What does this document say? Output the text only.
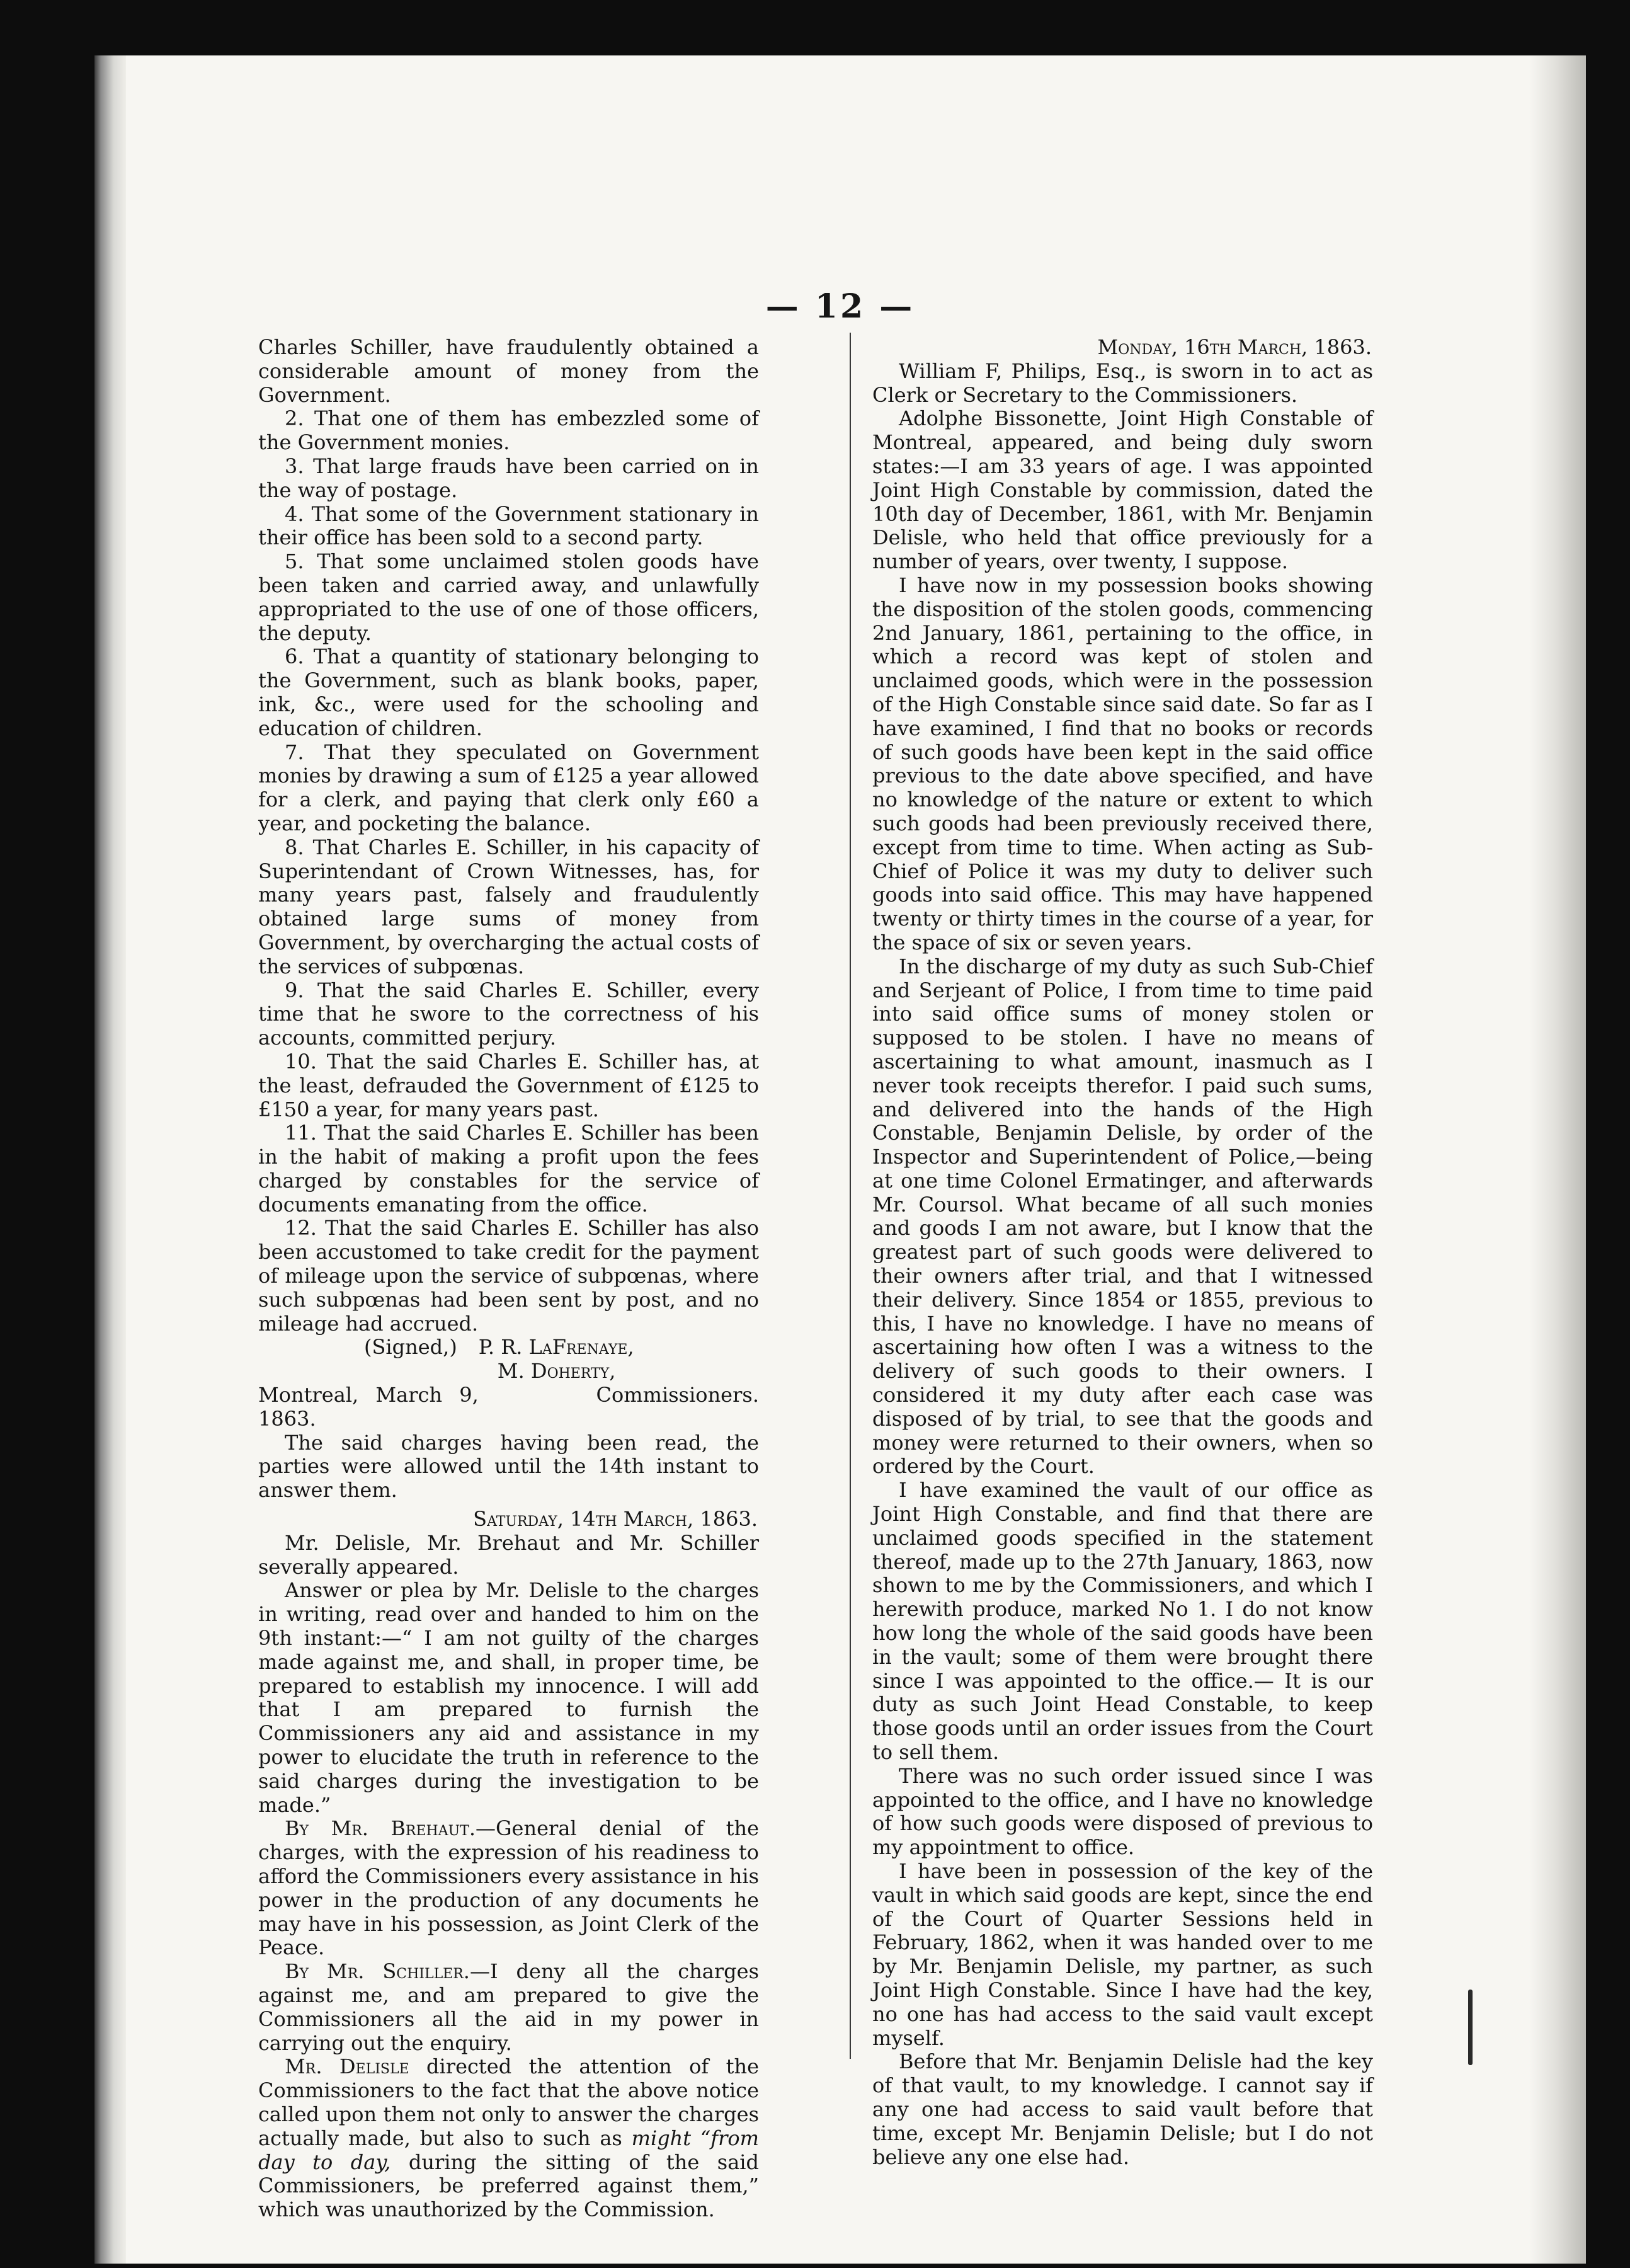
— 12 —

Charles Schiller, have fraudulently obtained a considerable amount of money from the Government.

2. That one of them has embezzled some of the Government monies.

3. That large frauds have been carried on in the way of postage.

4. That some of the Government stationary in their office has been sold to a second party.

5. That some unclaimed stolen goods have been taken and carried away, and unlawfully appropriated to the use of one of those officers, the deputy.

6. That a quantity of stationary belonging to the Government, such as blank books, paper, ink, &c., were used for the schooling and education of children.

7. That they speculated on Government monies by drawing a sum of £125 a year allowed for a clerk, and paying that clerk only £60 a year, and pocketing the balance.

8. That Charles E. Schiller, in his capacity of Superintendant of Crown Witnesses, has, for many years past, falsely and fraudulently obtained large sums of money from Government, by overcharging the actual costs of the services of subpœnas.

9. That the said Charles E. Schiller, every time that he swore to the correctness of his accounts, committed perjury.

10. That the said Charles E. Schiller has, at the least, defrauded the Government of £125 to £150 a year, for many years past.

11. That the said Charles E. Schiller has been in the habit of making a profit upon the fees charged by constables for the service of documents emanating from the office.

12. That the said Charles E. Schiller has also been accustomed to take credit for the payment of mileage upon the service of subpœnas, where such subpœnas had been sent by post, and no mileage had accrued.

(Signed,)	P. R. LaFrenaye,
	M. Doherty,
Montreal, March 9, 1863.	Commissioners.

The said charges having been read, the parties were allowed until the 14th instant to answer them.

Saturday, 14th March, 1863.

Mr. Delisle, Mr. Brehaut and Mr. Schiller severally appeared.

Answer or plea by Mr. Delisle to the charges in writing, read over and handed to him on the 9th instant:—“ I am not guilty of the charges made against me, and shall, in proper time, be prepared to establish my innocence. I will add that I am prepared to furnish the Commissioners any aid and assistance in my power to elucidate the truth in reference to the said charges during the investigation to be made.”

By Mr. Brehaut.—General denial of the charges, with the expression of his readiness to afford the Commissioners every assistance in his power in the production of any documents he may have in his possession, as Joint Clerk of the Peace.

By Mr. Schiller.—I deny all the charges against me, and am prepared to give the Commissioners all the aid in my power in carrying out the enquiry.

Mr. Delisle directed the attention of the Commissioners to the fact that the above notice called upon them not only to answer the charges actually made, but also to such as might “from day to day, during the sitting of the said Commissioners, be preferred against them,” which was unauthorized by the Commission.

Monday, 16th March, 1863.

William F, Philips, Esq., is sworn in to act as Clerk or Secretary to the Commissioners.

Adolphe Bissonette, Joint High Constable of Montreal, appeared, and being duly sworn states:—I am 33 years of age. I was appointed Joint High Constable by commission, dated the 10th day of December, 1861, with Mr. Benjamin Delisle, who held that office previously for a number of years, over twenty, I suppose.

I have now in my possession books showing the disposition of the stolen goods, commencing 2nd January, 1861, pertaining to the office, in which a record was kept of stolen and unclaimed goods, which were in the possession of the High Constable since said date. So far as I have examined, I find that no books or records of such goods have been kept in the said office previous to the date above specified, and have no knowledge of the nature or extent to which such goods had been previously received there, except from time to time. When acting as Sub-Chief of Police it was my duty to deliver such goods into said office. This may have happened twenty or thirty times in the course of a year, for the space of six or seven years.

In the discharge of my duty as such Sub-Chief and Serjeant of Police, I from time to time paid into said office sums of money stolen or supposed to be stolen. I have no means of ascertaining to what amount, inasmuch as I never took receipts therefor. I paid such sums, and delivered into the hands of the High Constable, Benjamin Delisle, by order of the Inspector and Superintendent of Police,—being at one time Colonel Ermatinger, and afterwards Mr. Coursol. What became of all such monies and goods I am not aware, but I know that the greatest part of such goods were delivered to their owners after trial, and that I witnessed their delivery. Since 1854 or 1855, previous to this, I have no knowledge. I have no means of ascertaining how often I was a witness to the delivery of such goods to their owners. I considered it my duty after each case was disposed of by trial, to see that the goods and money were returned to their owners, when so ordered by the Court.

I have examined the vault of our office as Joint High Constable, and find that there are unclaimed goods specified in the statement thereof, made up to the 27th January, 1863, now shown to me by the Commissioners, and which I herewith produce, marked No 1. I do not know how long the whole of the said goods have been in the vault; some of them were brought there since I was appointed to the office.— It is our duty as such Joint Head Constable, to keep those goods until an order issues from the Court to sell them.

There was no such order issued since I was appointed to the office, and I have no knowledge of how such goods were disposed of previous to my appointment to office.

I have been in possession of the key of the vault in which said goods are kept, since the end of the Court of Quarter Sessions held in February, 1862, when it was handed over to me by Mr. Benjamin Delisle, my partner, as such Joint High Constable. Since I have had the key, no one has had access to the said vault except myself.

Before that Mr. Benjamin Delisle had the key of that vault, to my knowledge. I cannot say if any one had access to said vault before that time, except Mr. Benjamin Delisle; but I do not believe any one else had.
